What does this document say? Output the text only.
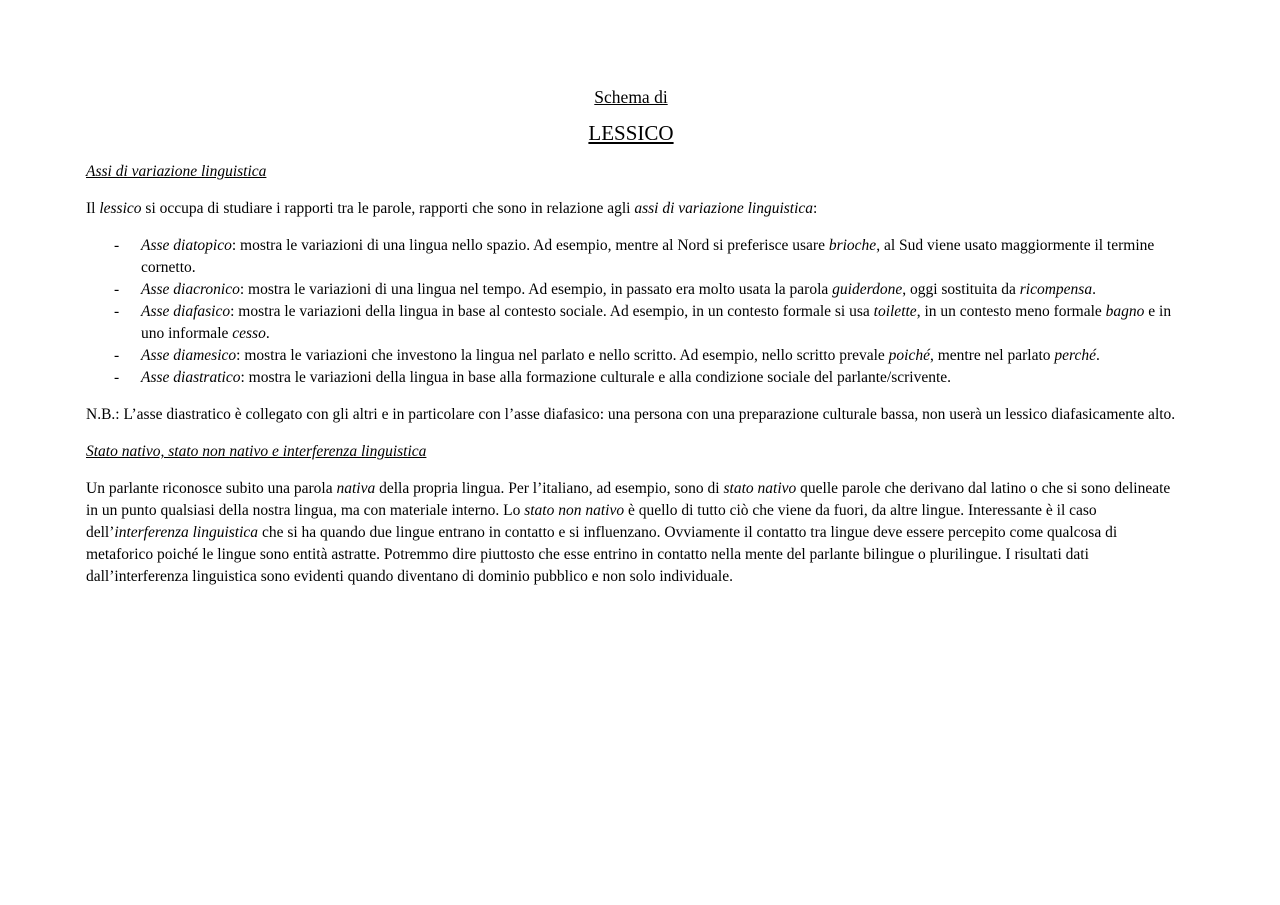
Schema di
LESSICO
Assi di variazione linguistica

Il lessico si occupa di studiare i rapporti tra le parole, rapporti che sono in relazione agli assi di variazione linguistica:

- Asse diatopico: mostra le variazioni di una lingua nello spazio. Ad esempio, mentre al Nord si preferisce usare brioche, al Sud viene usato maggiormente il termine cornetto.
- Asse diacronico: mostra le variazioni di una lingua nel tempo. Ad esempio, in passato era molto usata la parola guiderdone, oggi sostituita da ricompensa.
- Asse diafasico: mostra le variazioni della lingua in base al contesto sociale. Ad esempio, in un contesto formale si usa toilette, in un contesto meno formale bagno e in uno informale cesso.
- Asse diamesico: mostra le variazioni che investono la lingua nel parlato e nello scritto. Ad esempio, nello scritto prevale poiché, mentre nel parlato perché.
- Asse diastratico: mostra le variazioni della lingua in base alla formazione culturale e alla condizione sociale del parlante/scrivente.

N.B.: L’asse diastratico è collegato con gli altri e in particolare con l’asse diafasico: una persona con una preparazione culturale bassa, non userà un lessico diafasicamente alto.

Stato nativo, stato non nativo e interferenza linguistica

Un parlante riconosce subito una parola nativa della propria lingua. Per l’italiano, ad esempio, sono di stato nativo quelle parole che derivano dal latino o che si sono delineate in un punto qualsiasi della nostra lingua, ma con materiale interno. Lo stato non nativo è quello di tutto ciò che viene da fuori, da altre lingue. Interessante è il caso dell’interferenza linguistica che si ha quando due lingue entrano in contatto e si influenzano. Ovviamente il contatto tra lingue deve essere percepito come qualcosa di metaforico poiché le lingue sono entità astratte. Potremmo dire piuttosto che esse entrino in contatto nella mente del parlante bilingue o plurilingue. I risultati dati dall’interferenza linguistica sono evidenti quando diventano di dominio pubblico e non solo individuale.
